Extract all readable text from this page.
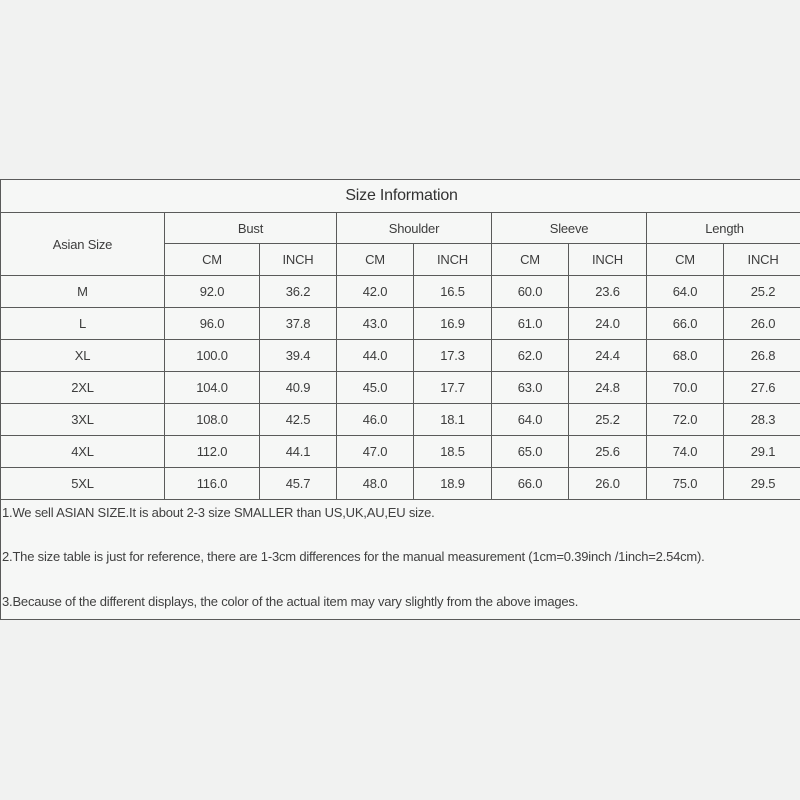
Size Information								
Asian Size	Bust		Shoulder		Sleeve		Length	
	CM	INCH	CM	INCH	CM	INCH	CM	INCH
M	92.0	36.2	42.0	16.5	60.0	23.6	64.0	25.2
L	96.0	37.8	43.0	16.9	61.0	24.0	66.0	26.0
XL	100.0	39.4	44.0	17.3	62.0	24.4	68.0	26.8
2XL	104.0	40.9	45.0	17.7	63.0	24.8	70.0	27.6
3XL	108.0	42.5	46.0	18.1	64.0	25.2	72.0	28.3
4XL	112.0	44.1	47.0	18.5	65.0	25.6	74.0	29.1
5XL	116.0	45.7	48.0	18.9	66.0	26.0	75.0	29.5
1.We sell ASIAN SIZE.It is about 2-3 size SMALLER than US,UK,AU,EU size.
2.The size table is just for reference, there are 1-3cm differences for the manual measurement (1cm=0.39inch /1inch=2.54cm).
3.Because of the different displays, the color of the actual item may vary slightly from the above images.
